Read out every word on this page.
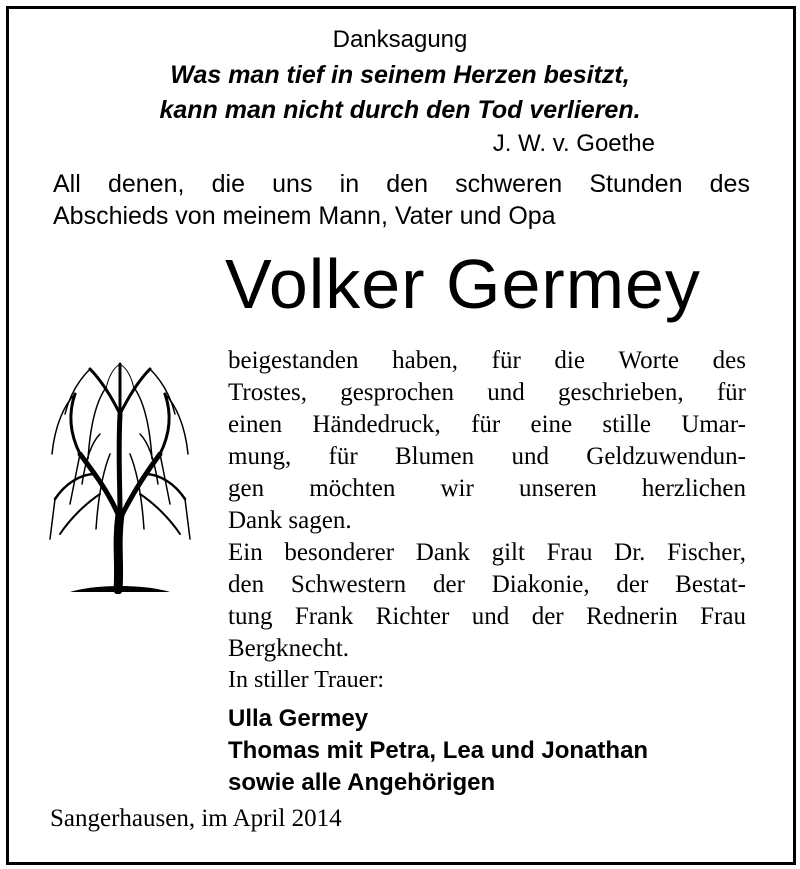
Danksagung
Was man tief in seinem Herzen besitzt,
kann man nicht durch den Tod verlieren.
J. W. v. Goethe
All denen, die uns in den schweren Stunden des
Abschieds von meinem Mann, Vater und Opa
Volker Germey
beigestanden haben, für die Worte des
Trostes, gesprochen und geschrieben, für
einen Händedruck, für eine stille Umar-
mung, für Blumen und Geldzuwendun-
gen möchten wir unseren herzlichen
Dank sagen.
Ein besonderer Dank gilt Frau Dr. Fischer,
den Schwestern der Diakonie, der Bestat-
tung Frank Richter und der Rednerin Frau
Bergknecht.
In stiller Trauer:
Ulla Germey
Thomas mit Petra, Lea und Jonathan
sowie alle Angehörigen
Sangerhausen, im April 2014
